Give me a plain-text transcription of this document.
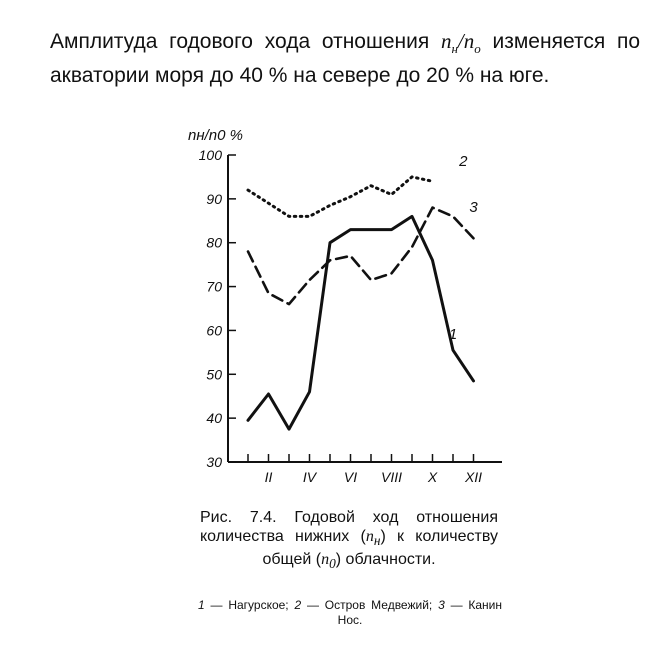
Амплитуда годового хода отношения $n_н/n_о$ изменяется по акватории моря до 40 % на севере до 20 % на юге.
100
90
80
70
60
50
40
30
II IV VI VIII X XII
1
2
3
nн/n0 %
Рис. 7.4. Годовой ход отношения количества нижних $(n_н)$ к количеству общей $(n_0)$ облачности.
1 — Нагурское; 2 — Остров Медвежий; 3 — Канин Нос.
